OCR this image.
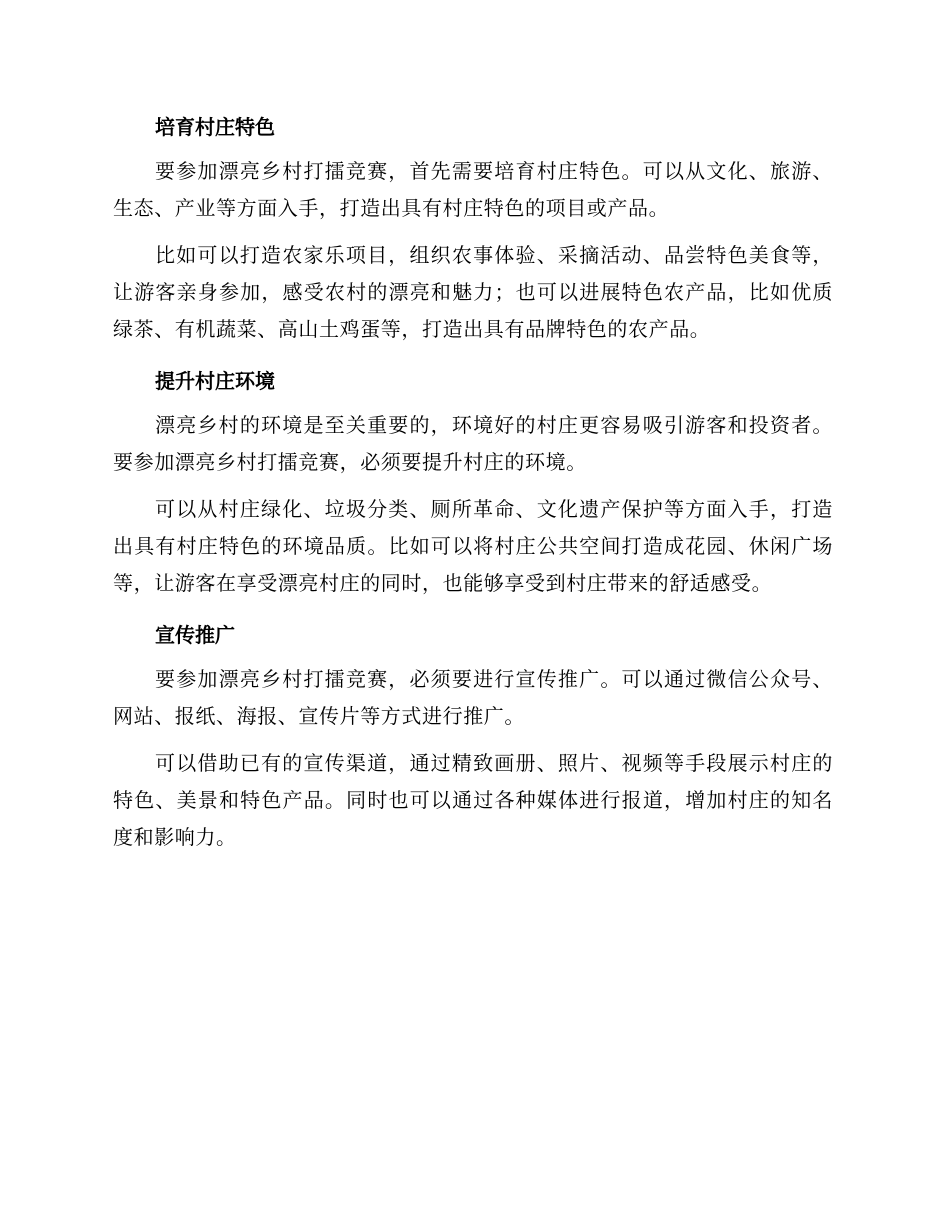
培育村庄特色

要参加漂亮乡村打擂竞赛，首先需要培育村庄特色。可以从文化、旅游、生态、产业等方面入手，打造出具有村庄特色的项目或产品。

比如可以打造农家乐项目，组织农事体验、采摘活动、品尝特色美食等，让游客亲身参加，感受农村的漂亮和魅力；也可以进展特色农产品，比如优质绿茶、有机蔬菜、高山土鸡蛋等，打造出具有品牌特色的农产品。

提升村庄环境

漂亮乡村的环境是至关重要的，环境好的村庄更容易吸引游客和投资者。要参加漂亮乡村打擂竞赛，必须要提升村庄的环境。

可以从村庄绿化、垃圾分类、厕所革命、文化遗产保护等方面入手，打造出具有村庄特色的环境品质。比如可以将村庄公共空间打造成花园、休闲广场等，让游客在享受漂亮村庄的同时，也能够享受到村庄带来的舒适感受。

宣传推广

要参加漂亮乡村打擂竞赛，必须要进行宣传推广。可以通过微信公众号、网站、报纸、海报、宣传片等方式进行推广。

可以借助已有的宣传渠道，通过精致画册、照片、视频等手段展示村庄的特色、美景和特色产品。同时也可以通过各种媒体进行报道，增加村庄的知名度和影响力。
